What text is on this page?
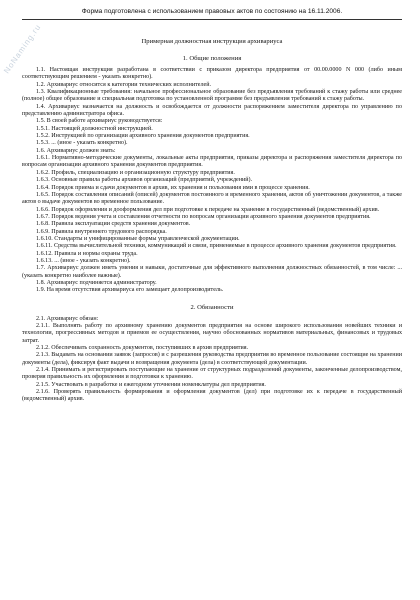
NoNaming.ru
Форма подготовлена с использованием правовых актов по состоянию на 16.11.2006.
Примерная должностная инструкция архивариуса
1. Общие положения

1.1. Настоящая инструкция разработана в соответствии с приказом директора предприятия от 00.00.0000 N 000 (либо иным соответствующим решением - указать конкретно).

1.2. Архивариус относится к категории технических исполнителей.

1.3. Квалификационные требования: начальное профессиональное образование без предъявления требований к стажу работы или среднее (полное) общее образование и специальная подготовка по установленной программе без предъявления требований к стажу работы.

1.4. Архивариус назначается на должность и освобождается от должности распоряжением заместителя директора по управлению по представлению администратора офиса.

1.5. В своей работе архивариус руководствуется:

1.5.1. Настоящей должностной инструкцией.

1.5.2. Инструкцией по организации архивного хранения документов предприятия.

1.5.3. ... (иное - указать конкретно).

1.6. Архивариус должен знать:

1.6.1. Нормативно-методические документы, локальные акты предприятия, приказы директора и распоряжения заместителя директора по вопросам организации архивного хранения документов предприятия.

1.6.2. Профиль, специализацию и организационную структуру предприятия.

1.6.3. Основные правила работы архивов организаций (предприятий, учреждений).

1.6.4. Порядок приема и сдачи документов в архив, их хранения и пользования ими в процессе хранения.

1.6.5. Порядок составления описаний (описей) документов постоянного и временного хранения, актов об уничтожении документов, а также актов о выдаче документов во временное пользование.

1.6.6. Порядок оформления и дооформления дел при подготовке к передаче на хранение в государственный (ведомственный) архив.

1.6.7. Порядок ведения учета и составления отчетности по вопросам организации архивного хранения документов предприятия.

1.6.8. Правила эксплуатации средств хранения документов.

1.6.9. Правила внутреннего трудового распорядка.

1.6.10. Стандарты и унифицированные формы управленческой документации.

1.6.11. Средства вычислительной техники, коммуникаций и связи, применяемые в процессе архивного хранения документов предприятия.

1.6.12. Правила и нормы охраны труда.

1.6.13. ... (иное - указать конкретно).

1.7. Архивариус должен иметь умения и навыки, достаточные для эффективного выполнения должностных обязанностей, в том числе: ... (указать конкретно наиболее важные).

1.8. Архивариус подчиняется администратору.

1.9. На время отсутствия архивариуса его замещает делопроизводитель.

2. Обязанности

2.1. Архивариус обязан:

2.1.1. Выполнять работу по архивному хранению документов предприятия на основе широкого использования новейших техники и технологии, прогрессивных методов и приемов ее осуществления, научно обоснованных нормативов материальных, финансовых и трудовых затрат.

2.1.2. Обеспечивать сохранность документов, поступивших в архив предприятия.

2.1.3. Выдавать на основании заявок (запросов) и с разрешения руководства предприятия во временное пользование состоящие на хранении документы (дела), фиксируя факт выдачи и возвращения документа (дела) в соответствующей документации.

2.1.4. Принимать и регистрировать поступающие на хранение от структурных подразделений документы, законченные делопроизводством, проверяя правильность их оформления и подготовки к хранению.

2.1.5. Участвовать в разработке и ежегодном уточнении номенклатуры дел предприятия.

2.1.6. Проверять правильность формирования и оформления документов (дел) при подготовке их к передаче в государственный (ведомственный) архив.
